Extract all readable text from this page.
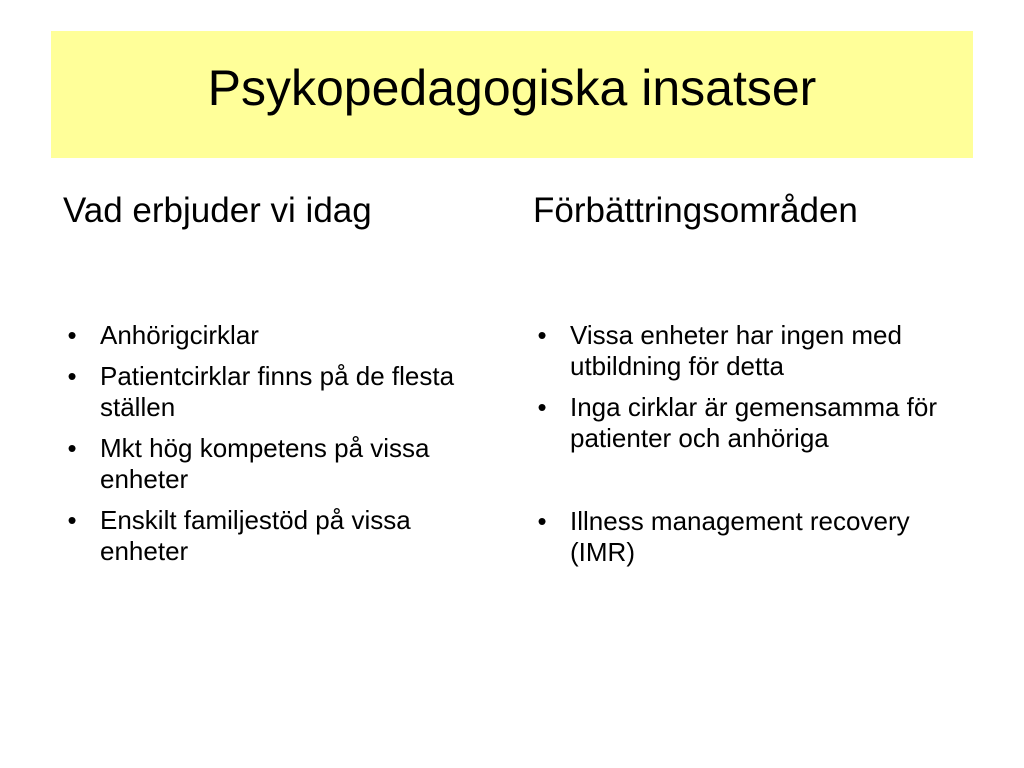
Psykopedagogiska insatser
Vad erbjuder vi idag	Förbättringsområden
• Anhörigcirklar
• Patientcirklar finns på de flesta ställen
• Mkt hög kompetens på vissa enheter
• Enskilt familjestöd på vissa enheter
• Vissa enheter har ingen med utbildning för detta
• Inga cirklar är gemensamma för patienter och anhöriga
• Illness management recovery (IMR)
